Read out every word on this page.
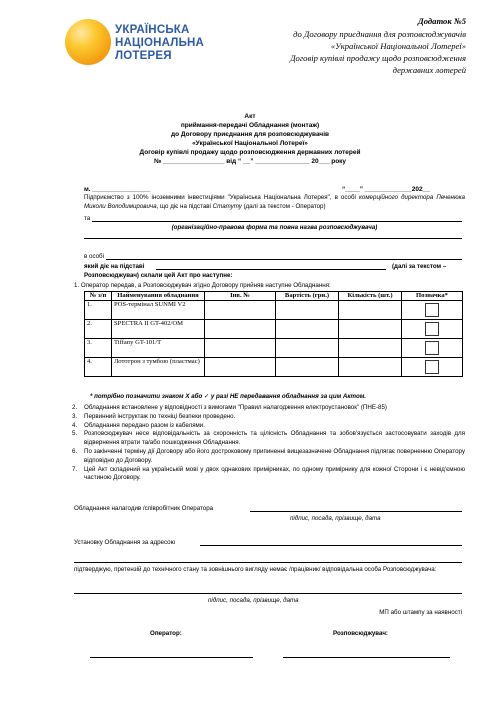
УКРАЇНСЬКА
НАЦІОНАЛЬНА
ЛОТЕРЕЯ
Додаток №5
до Договору приєднання для розповсюджувачів
«Української Національної Лотереї»
Договір купівлі продажу щодо розповсюдження
державних лотерей
Акт
приймання-передачі Обладнання (монтаж)
до Договору приєднання для розповсюджувачів
«Української Національної Лотереї»
Договір купівлі продажу щодо розповсюдження державних лотерей
№ _________________ від “ __” _______________ 20___ року
м. ________________	“____” _____________202__
Підприємство з 100% іноземними інвестиціями "Українська Національна Лотерея", в особі комерційного директора Печенюка Миколи Володимировича, що діє на підставі Статуту (далі за текстом - Оператор)
та
(організаційно-правова форма та повна назва розповсюджувача)
в особі
1. Оператор передав, а Розповсюджувач згідно Договору прийняв наступне Обладнання:
№ з/п	Найменування обладнання	Інв. №	Вартість (грн.)	Кількість (шт.)	Позначка*
1.	POS-термінал SUNMI V2				

2.	SPECTRA II GT-402/OM				

3.	Tiffany GT-101/T				

4.	Лототрон з тумбою (пластмас)				
* потрібно позначити знаком Х або ✓ у разі НЕ передавання обладнання за цим Актом.
2. Обладнання встановлене у відповідності з вимогами "Правил налагодження електроустановок" (ПНЕ-85)
3. Первинний інструктаж по техніці безпеки проведено.
4. Обладнання передано разом із кабелями.
5. Розповсюджувач несе відповідальність за схоронність та цілісність Обладнання та зобов'язується застосовувати заходів для відвернення втрати та/або пошкодження Обладнання.
6. По закінченні терміну дії Договору або його достроковому припиненні вищезазначене Обладнання підлягає поверненню Оператору відповідно до Договору.
7. Цей Акт складений на українській мові у двох однакових примірниках, по одному примірнику для кожної Сторони і є невід'ємною частиною Договору.
Обладнання налагодив /співробітник Оператора
підпис, посада, прізвище, дата
Установку Обладнання за адресою
підтверджую, претензій до технічного стану та зовнішнього вигляду немає /працівник/ відповідальна особа Розповсюджувача:
підпис, посада, прізвище, дата
МП або штампу за наявності
Оператор:	Розповсюджувач:
який діє на підставі	(далі за текстом –
Розповсюджувач) склали цей Акт про наступне:
